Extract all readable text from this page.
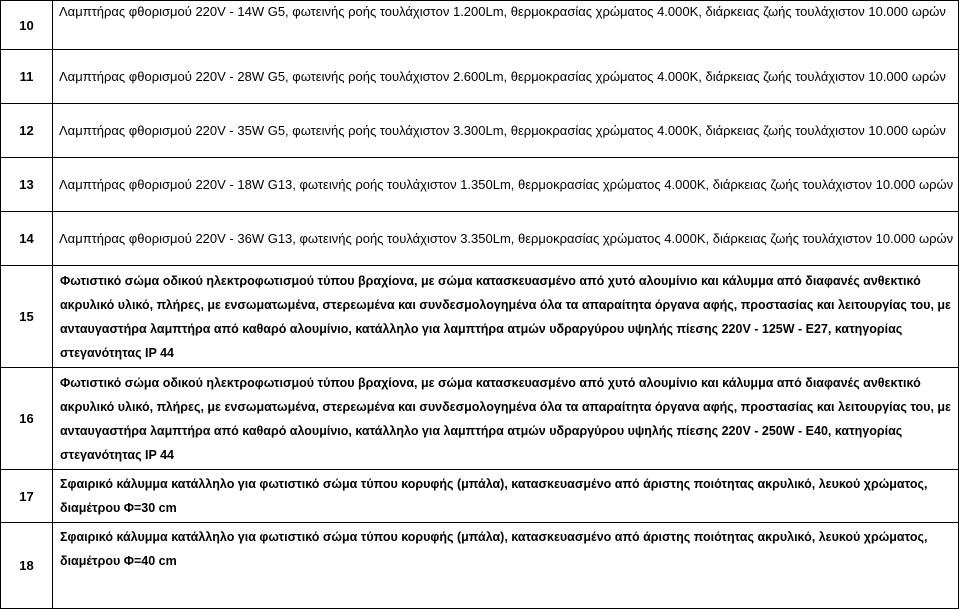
10	Λαμπτήρας φθορισμού 220V - 14W G5, φωτεινής ροής τουλάχιστον 1.200Lm, θερμοκρασίας χρώματος 4.000K, διάρκειας ζωής τουλάχιστον 10.000 ωρών
11	Λαμπτήρας φθορισμού 220V - 28W G5, φωτεινής ροής τουλάχιστον 2.600Lm, θερμοκρασίας χρώματος 4.000K, διάρκειας ζωής τουλάχιστον 10.000 ωρών
12	Λαμπτήρας φθορισμού 220V - 35W G5, φωτεινής ροής τουλάχιστον 3.300Lm, θερμοκρασίας χρώματος 4.000K, διάρκειας ζωής τουλάχιστον 10.000 ωρών
13	Λαμπτήρας φθορισμού 220V - 18W G13, φωτεινής ροής τουλάχιστον 1.350Lm, θερμοκρασίας χρώματος 4.000K, διάρκειας ζωής τουλάχιστον 10.000 ωρών
14	Λαμπτήρας φθορισμού 220V - 36W G13, φωτεινής ροής τουλάχιστον 3.350Lm, θερμοκρασίας χρώματος 4.000K, διάρκειας ζωής τουλάχιστον 10.000 ωρών
15	Φωτιστικό σώμα οδικού ηλεκτροφωτισμού τύπου βραχίονα, με σώμα κατασκευασμένο από χυτό αλουμίνιο και κάλυμμα από διαφανές ανθεκτικό ακρυλικό υλικό, πλήρες, με ενσωματωμένα, στερεωμένα και συνδεσμολογημένα όλα τα απαραίτητα όργανα αφής, προστασίας και λειτουργίας του, με ανταυγαστήρα λαμπτήρα από καθαρό αλουμίνιο, κατάλληλο για λαμπτήρα ατμών υδραργύρου υψηλής πίεσης 220V - 125W - E27, κατηγορίας στεγανότητας IP 44
16	Φωτιστικό σώμα οδικού ηλεκτροφωτισμού τύπου βραχίονα, με σώμα κατασκευασμένο από χυτό αλουμίνιο και κάλυμμα από διαφανές ανθεκτικό ακρυλικό υλικό, πλήρες, με ενσωματωμένα, στερεωμένα και συνδεσμολογημένα όλα τα απαραίτητα όργανα αφής, προστασίας και λειτουργίας του, με ανταυγαστήρα λαμπτήρα από καθαρό αλουμίνιο, κατάλληλο για λαμπτήρα ατμών υδραργύρου υψηλής πίεσης 220V - 250W - E40, κατηγορίας στεγανότητας IP 44
17	Σφαιρικό κάλυμμα κατάλληλο για φωτιστικό σώμα τύπου κορυφής (μπάλα), κατασκευασμένο από άριστης ποιότητας ακρυλικό, λευκού χρώματος, διαμέτρου Φ=30 cm
18	Σφαιρικό κάλυμμα κατάλληλο για φωτιστικό σώμα τύπου κορυφής (μπάλα), κατασκευασμένο από άριστης ποιότητας ακρυλικό, λευκού χρώματος, διαμέτρου Φ=40 cm
